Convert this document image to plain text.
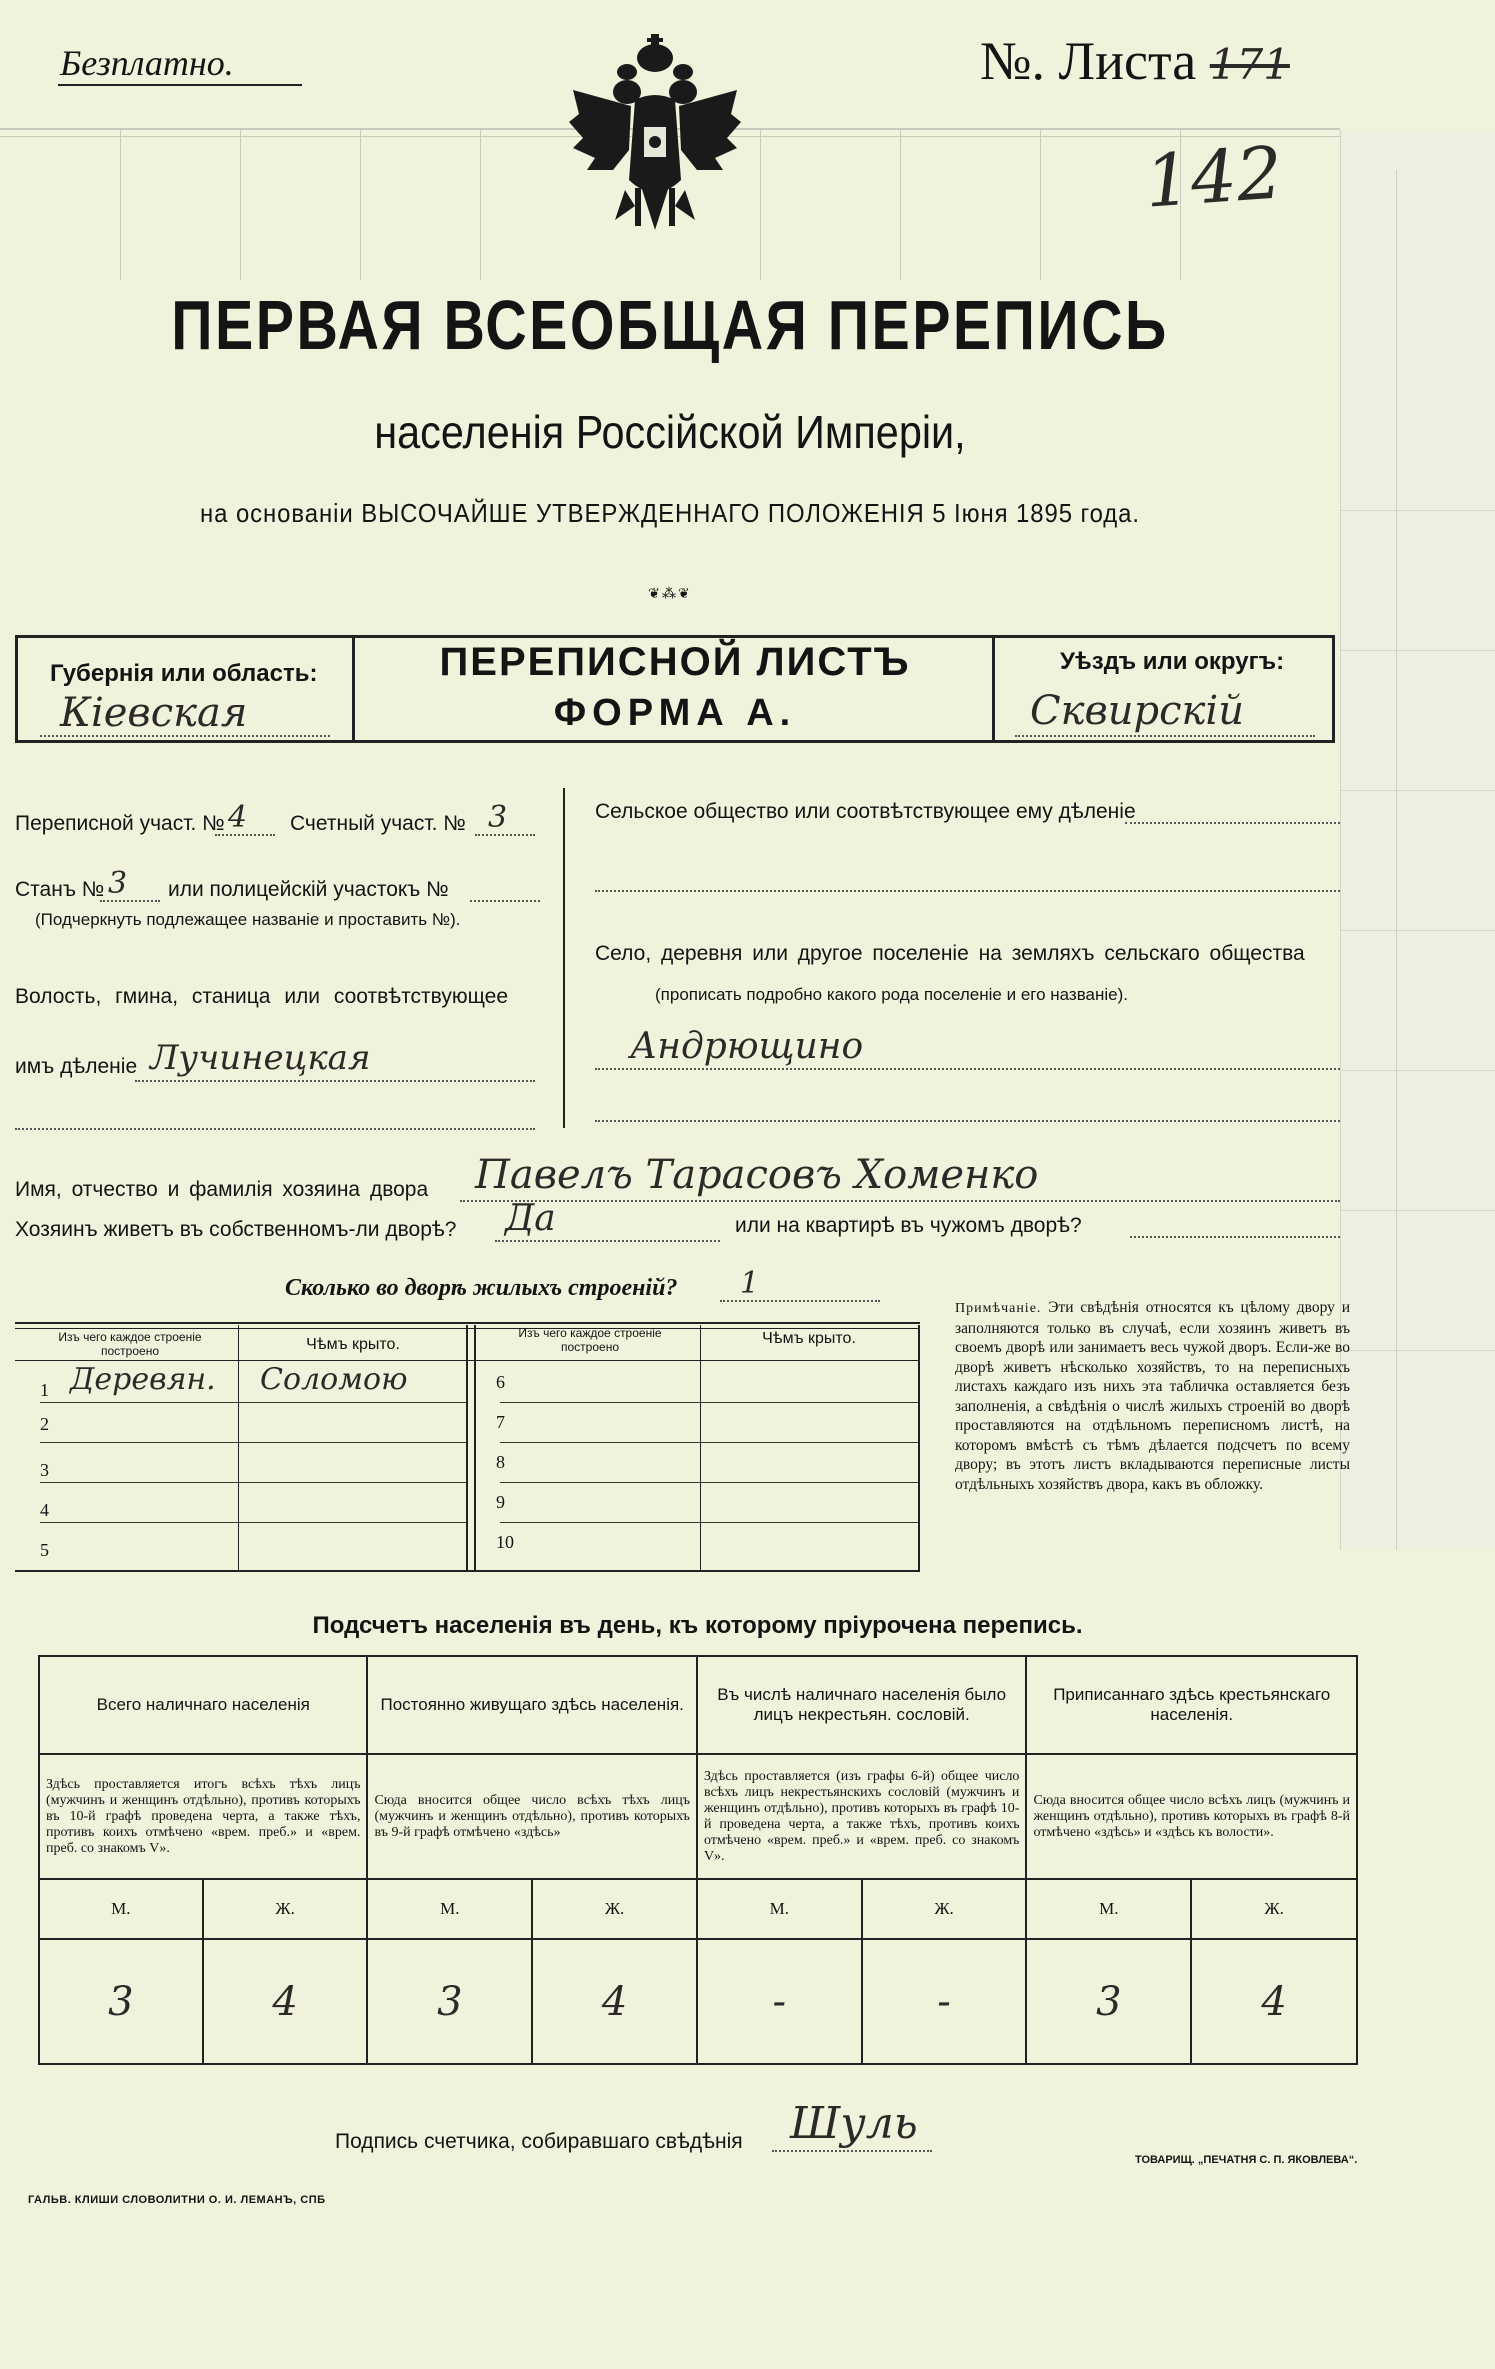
Безплатно.	№. Листа 171
142
ПЕРВАЯ ВСЕОБЩАЯ ПЕРЕПИСЬ
населенія Россійской Имперіи,
на основаніи ВЫСОЧАЙШЕ УТВЕРЖДЕННАГО ПОЛОЖЕНІЯ 5 Іюня 1895 года.
❦⁂❦
Губернія или область:
Кіевская
ПЕРЕПИСНОЙ ЛИСТЪ
ФОРМА А.
Уѣздъ или округъ:
Сквирскій
Переписной участ. № 4 Счетный участ. № 3
Станъ № 3 или полицейскій участокъ №
(Подчеркнуть подлежащее названіе и проставить №).
Волость, гмина, станица или соотвѣтствующее
имъ дѣленіе Лучинецкая
Сельское общество или соотвѣтствующее ему дѣленіе
Село, деревня или другое поселеніе на земляхъ сельскаго общества
(прописать подробно какого рода поселеніе и его названіе).
Андрющино
Имя, отчество и фамилія хозяина двора Павелъ Тарасовъ Хоменко
Хозяинъ живетъ въ собственномъ-ли дворѣ? Да	или на квартирѣ въ чужомъ дворѣ?
Сколько во дворѣ жилыхъ строеній? 1
Изъ чего каждое строеніе построено	Чѣмъ крыто.
Изъ чего каждое строеніе построено	Чѣмъ крыто.
1 Деревян. Соломою
2
3
4
5
6
7
8
9
10
Примѣчаніе. Эти свѣдѣнія относятся къ цѣлому двору и заполняются только въ случаѣ, если хозяинъ живетъ въ своемъ дворѣ или занимаетъ весь чужой дворъ. Если-же во дворѣ живетъ нѣсколько хозяйствъ, то на переписныхъ листахъ каждаго изъ нихъ эта табличка оставляется безъ заполненія, а свѣдѣнія о числѣ жилыхъ строеній во дворѣ проставляются на отдѣльномъ переписномъ листѣ, на которомъ вмѣстѣ съ тѣмъ дѣлается подсчетъ по всему двору; въ этотъ листъ вкладываются переписные листы отдѣльныхъ хозяйствъ двора, какъ въ обложку.
Подсчетъ населенія въ день, къ которому пріурочена перепись.
Всего наличнаго населенія		Постоянно живущаго здѣсь населенія.		Въ числѣ наличнаго населенія было лицъ некрестьян. сословій.		Приписаннаго здѣсь крестьянскаго населенія.	
Здѣсь проставляется итогъ всѣхъ тѣхъ лицъ (мужчинъ и женщинъ отдѣльно), противъ которыхъ въ 10-й графѣ проведена черта, а также тѣхъ, противъ коихъ отмѣчено «врем. преб.» и «врем. преб. со знакомъ V».		Сюда вносится общее число всѣхъ тѣхъ лицъ (мужчинъ и женщинъ отдѣльно), противъ которыхъ въ 9-й графѣ отмѣчено «здѣсь»		Здѣсь проставляется (изъ графы 6-й) общее число всѣхъ лицъ некрестьянскихъ сословій (мужчинъ и женщинъ отдѣльно), противъ которыхъ въ графѣ 10-й проведена черта, а также тѣхъ, противъ коихъ отмѣчено «врем. преб.» и «врем. преб. со знакомъ V».		Сюда вносится общее число всѣхъ лицъ (мужчинъ и женщинъ отдѣльно), противъ которыхъ въ графѣ 8-й отмѣчено «здѣсь» и «здѣсь къ волости».	
М.	Ж.	М.	Ж.	М.	Ж.	М.	Ж.
3	4	3	4	-	-	3	4
Подпись счетчика, собиравшаго свѣдѣнія Шуль
ГАЛЬВ. КЛИШИ СЛОВОЛИТНИ О. И. ЛЕМАНЪ, СПБ
ТОВАРИЩ. „ПЕЧАТНЯ С. П. ЯКОВЛЕВА“.
